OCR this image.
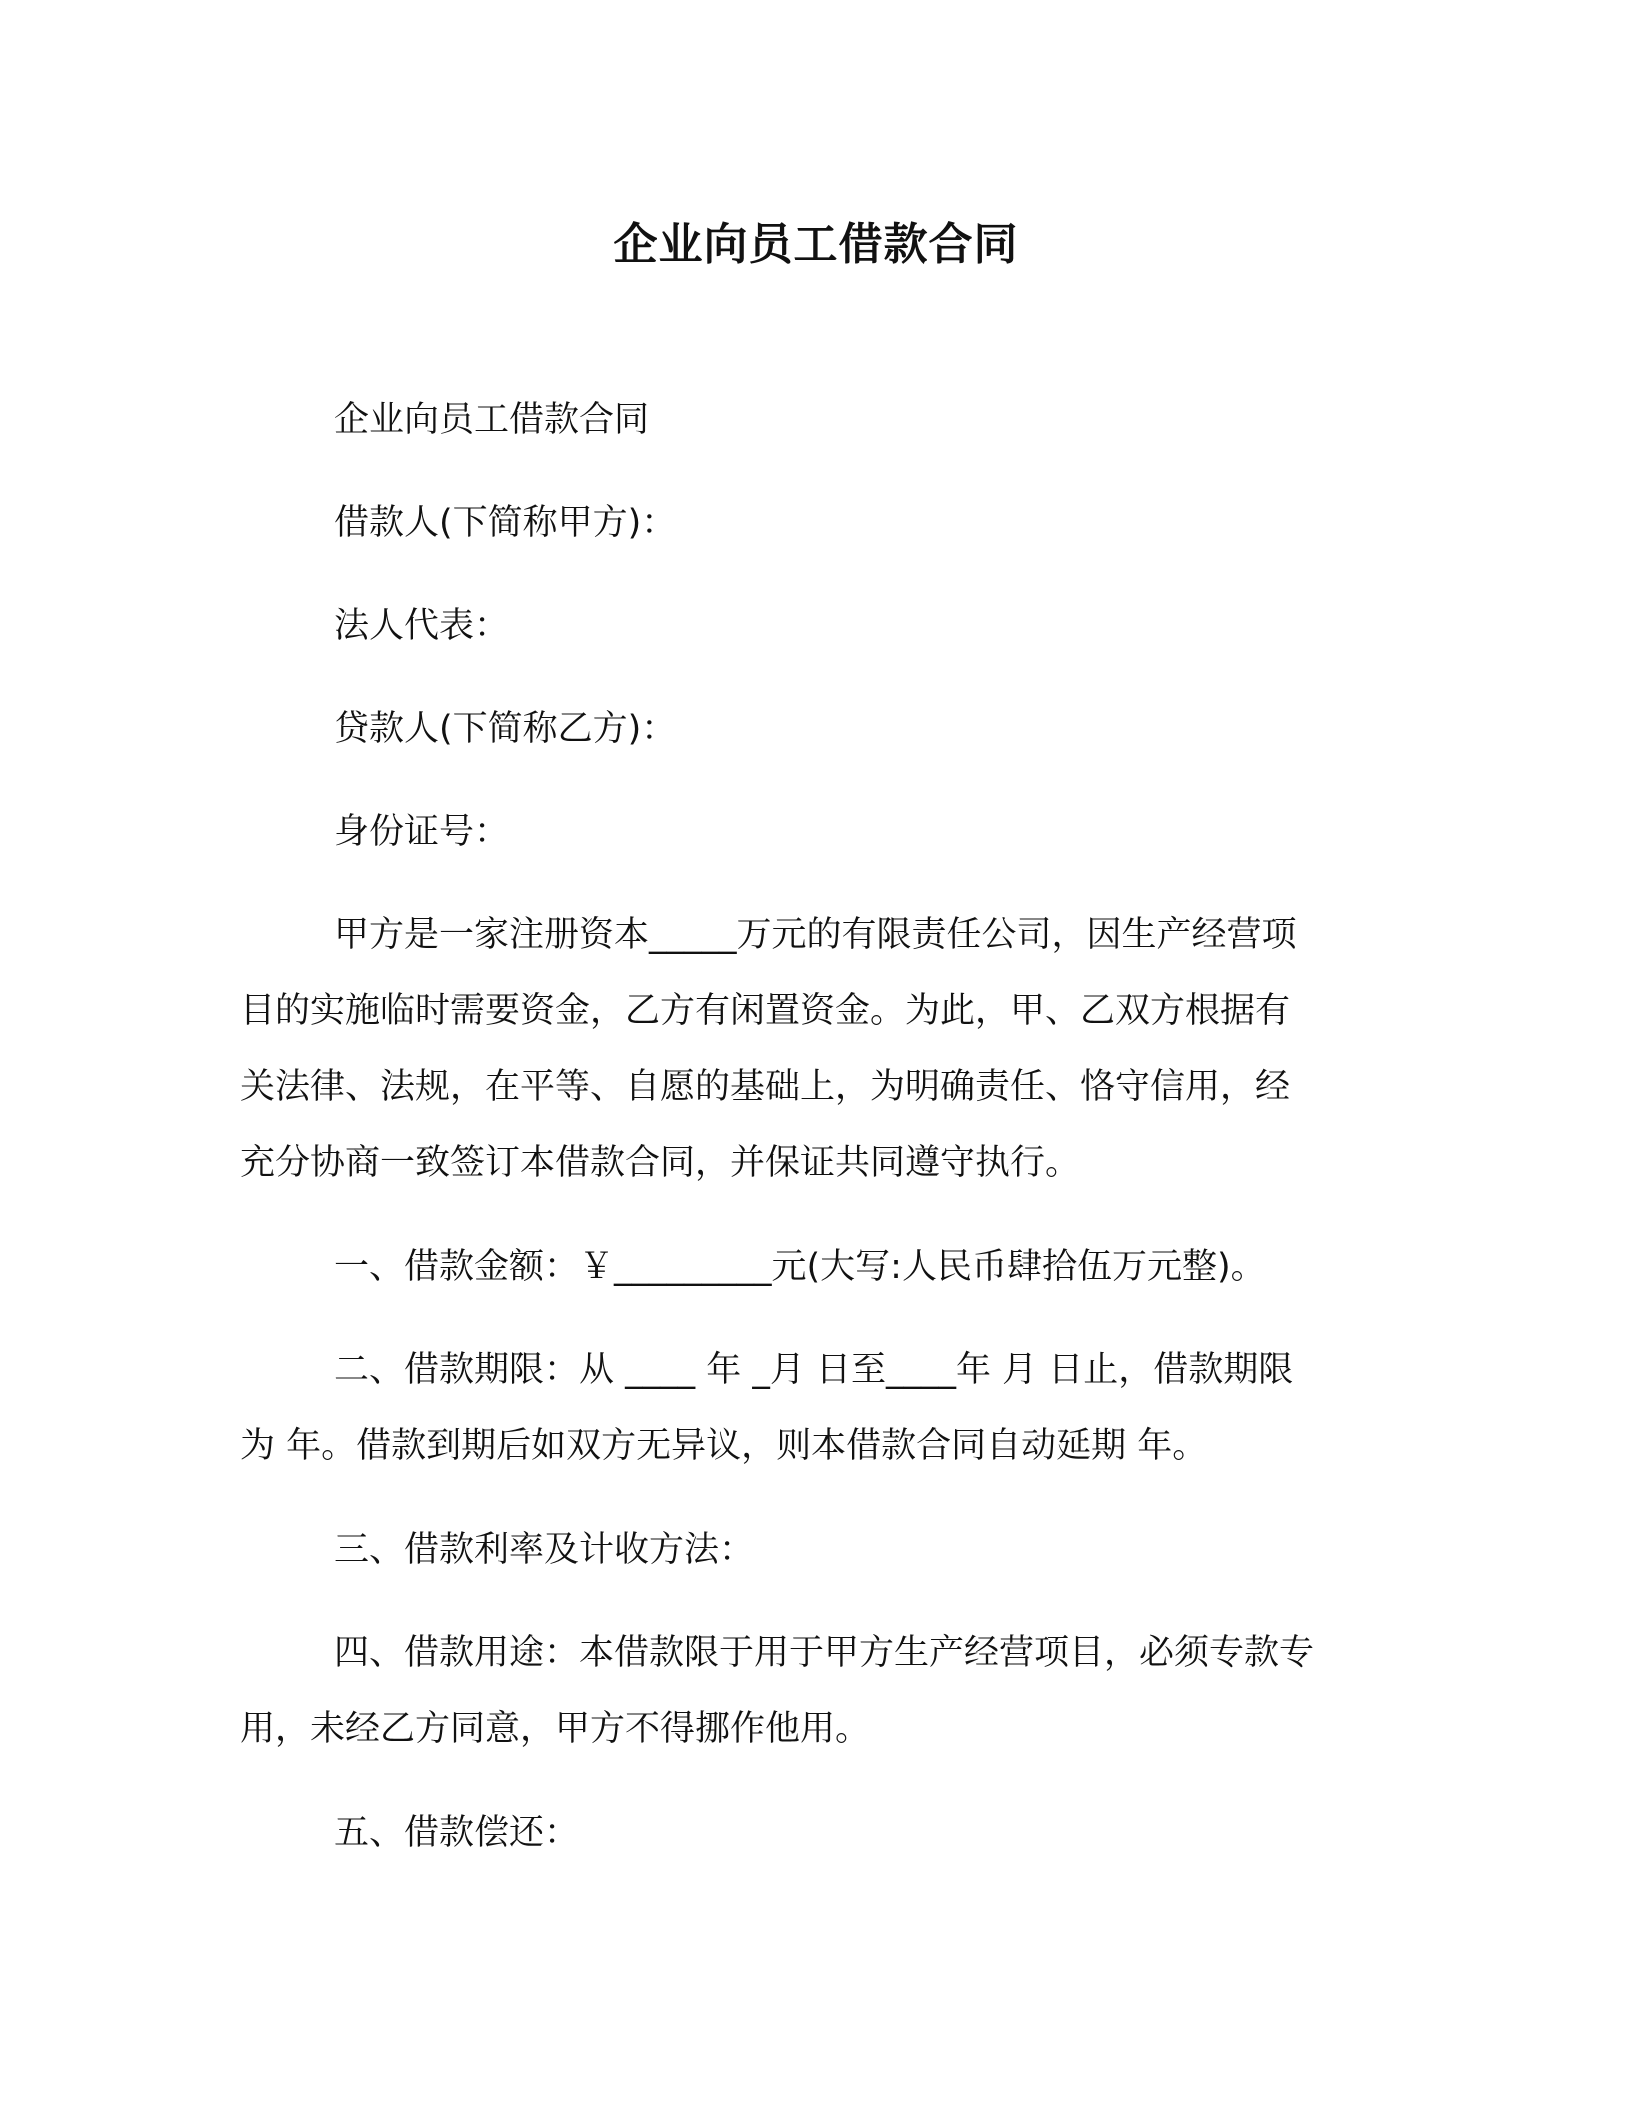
企业向员工借款合同
企业向员工借款合同
借款人(下简称甲方)：
法人代表：
贷款人(下简称乙方)：
身份证号：
甲方是一家注册资本_____万元的有限责任公司，因生产经营项
目的实施临时需要资金，乙方有闲置资金。为此，甲、乙双方根据有
关法律、法规，在平等、自愿的基础上，为明确责任、恪守信用，经
充分协商一致签订本借款合同，并保证共同遵守执行。
一、借款金额：￥_________元(大写:人民币肆拾伍万元整)。
二、借款期限：从 ____ 年 _月 日至____年 月 日止，借款期限
为 年。借款到期后如双方无异议，则本借款合同自动延期 年。
三、借款利率及计收方法：
四、借款用途：本借款限于用于甲方生产经营项目，必须专款专
用，未经乙方同意，甲方不得挪作他用。
五、借款偿还：
